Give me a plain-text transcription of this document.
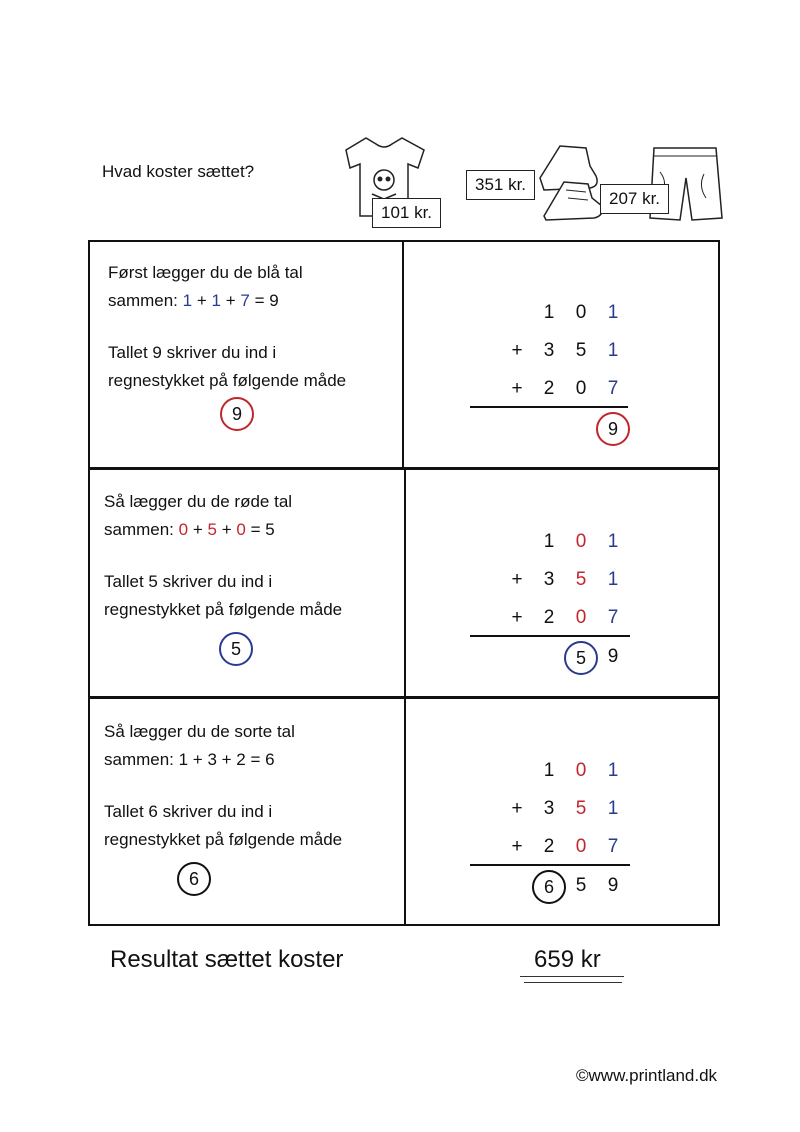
Hvad koster sættet?
101 kr.
351 kr.
207 kr.
Først lægger du de blå tal
sammen: 1 + 1 + 7 = 9
Tallet 9 skriver du ind i
regnestykket på følgende måde
9
1 0 1
+ 3 5 1
+ 2 0 7
9
Så lægger du de røde tal
sammen: 0 + 5 + 0 = 5
Tallet 5 skriver du ind i
regnestykket på følgende måde
5
1 0 1
+ 3 5 1
+ 2 0 7
5	9
Så lægger du de sorte tal
sammen: 1 + 3 + 2 = 6
Tallet 6 skriver du ind i
regnestykket på følgende måde
6
1 0 1
+ 3 5 1
+ 2 0 7
6	5 9
Resultat sættet koster	659 kr
©www.printland.dk
